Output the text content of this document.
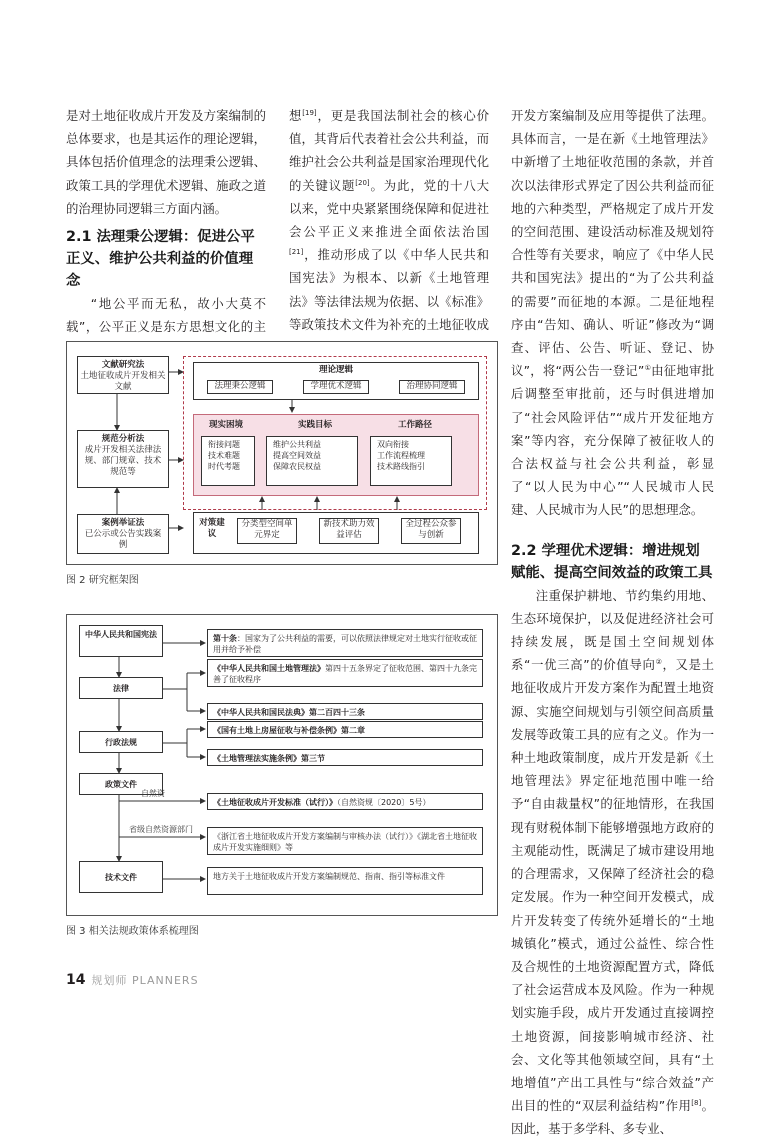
是对土地征收成片开发及方案编制的总体要求，也是其运作的理论逻辑，具体包括价值理念的法理秉公逻辑、政策工具的学理优术逻辑、施政之道的治理协同逻辑三方面内涵。

2.1 法理秉公逻辑：促进公平正义、维护公共利益的价值理念

“地公平而无私，故小大莫不载”，公平正义是东方思想文化的主

想[19]，更是我国法制社会的核心价值，其背后代表着社会公共利益，而维护社会公共利益是国家治理现代化的关键议题[20]。为此，党的十八大以来，党中央紧紧围绕保障和促进社会公平正义来推进全面依法治国[21]，推动形成了以《中华人民共和国宪法》为根本、以新《土地管理法》等法律法规为依据、以《标准》等政策技术文件为补充的土地征收成

开发方案编制及应用等提供了法理。具体而言，一是在新《土地管理法》中新增了土地征收范围的条款，并首次以法律形式界定了因公共利益而征地的六种类型，严格规定了成片开发的空间范围、建设活动标准及规划符合性等有关要求，响应了《中华人民共和国宪法》提出的“为了公共利益的需要”而征地的本源。二是征地程序由“告知、确认、听证”修改为“调查、评估、公告、听证、登记、协议”，将“两公告一登记”①由征地审批后调整至审批前，还与时俱进增加了“社会风险评估”“成片开发征地方案”等内容，充分保障了被征收人的合法权益与社会公共利益，彰显了“以人民为中心”“人民城市人民建、人民城市为人民”的思想理念。

2.2 学理优术逻辑：增进规划赋能、提高空间效益的政策工具

注重保护耕地、节约集约用地、生态环境保护，以及促进经济社会可持续发展，既是国土空间规划体系“一优三高”的价值导向②，又是土地征收成片开发方案作为配置土地资源、实施空间规划与引领空间高质量发展等政策工具的应有之义。作为一种土地政策制度，成片开发是新《土地管理法》界定征地范围中唯一给予“自由裁量权”的征地情形，在我国现有财税体制下能够增强地方政府的主观能动性，既满足了城市建设用地的合理需求，又保障了经济社会的稳定发展。作为一种空间开发模式，成片开发转变了传统外延增长的“土地城镇化”模式，通过公益性、综合性及合规性的土地资源配置方式，降低了社会运营成本及风险。作为一种规划实施手段，成片开发通过直接调控土地资源，间接影响城市经济、社会、文化等其他领域空间，具有“土地增值”产出工具性与“综合效益”产出目的性的“双层利益结构”作用[8]。因此，基于多学科、多专业、

文献研究法
土地征收成片开发相关文献
规范分析法
成片开发相关法律法规、部门规章、技术规范等
案例举证法
已公示或公告实践案例
理论逻辑
法理秉公逻辑	学理优术逻辑	治理协同逻辑
现实困境	实践目标	工作路径
衔接问题
技术难题
时代考题
维护公共利益
提高空间效益
保障农民权益
双向衔接
工作流程梳理
技术路线指引
对策建议
分类型空间单元界定
新技术助力效益评估
全过程公众参与创新
图 2 研究框架图
中华人民共和国宪法
法律
行政法规
政策文件
技术文件
第十条：国家为了公共利益的需要，可以依照法律规定对土地实行征收或征用并给予补偿
《中华人民共和国土地管理法》第四十五条界定了征收范围、第四十九条完善了征收程序
《中华人民共和国民法典》第二百四十三条
《国有土地上房屋征收与补偿条例》第二章
《土地管理法实施条例》第三节
自然资
《土地征收成片开发标准（试行）》（自然资规〔2020〕5号）
省级自然资源部门
《浙江省土地征收成片开发方案编制与审核办法（试行）》《湖北省土地征收成片开发实施细则》等
地方关于土地征收成片开发方案编制规范、指南、指引等标准文件
图 3 相关法规政策体系梳理图
14 规划师 PLANNERS
